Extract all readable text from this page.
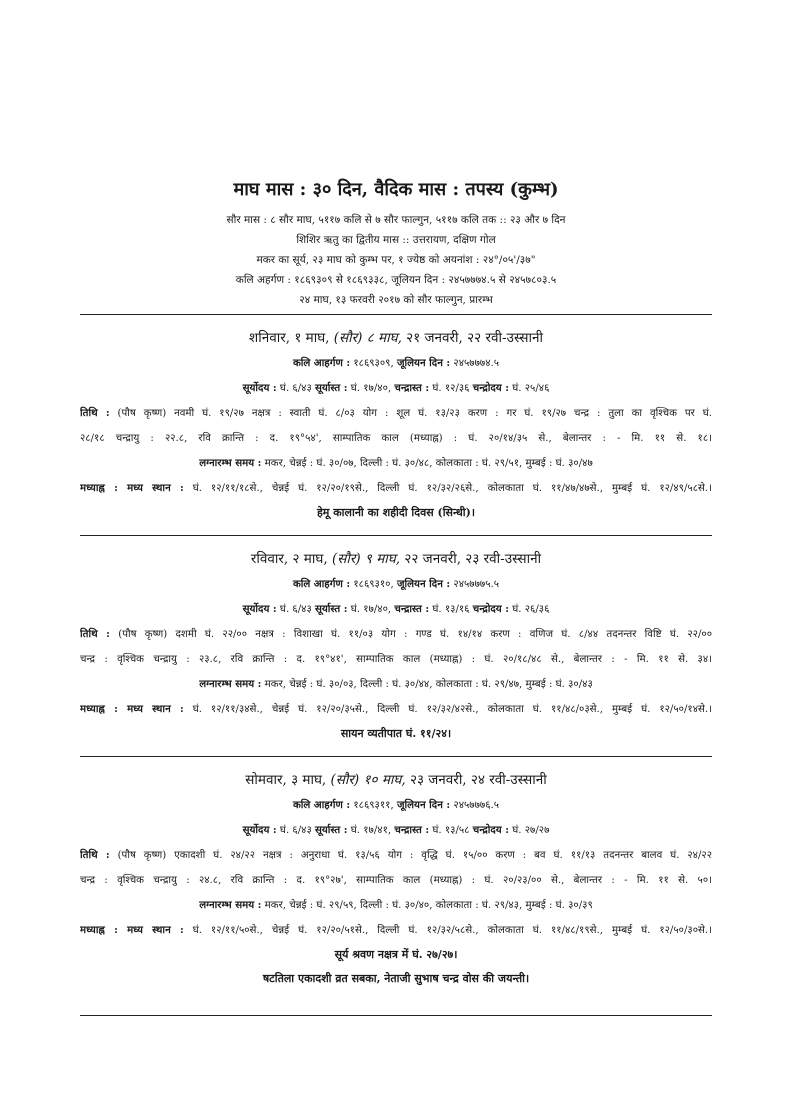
माघ मास : ३० दिन, वैदिक मास : तपस्य (कुम्भ)
सौर मास : ८ सौर माघ, ५११७ कलि से ७ सौर फाल्गुन, ५११७ कलि तक :: २३ और ७ दिन
शिशिर ऋतु का द्वितीय मास :: उत्तरायण, दक्षिण गोल
मकर का सूर्य, २३ माघ को कुम्भ पर, १ ज्येष्ठ को अयनांश : २४°/०५'/३७"
कलि अहर्गण : १८६९३०९ से १८६९३३८, जूलियन दिन : २४५७७७४.५ से २४५७८०३.५
२४ माघ, १३ फरवरी २०१७ को सौर फाल्गुन, प्रारम्भ
शनिवार, १ माघ, (सौर) ८ माघ, २१ जनवरी, २२ रवी-उस्सानी
कलि आहर्गण : १८६९३०९, जूलियन दिन : २४५७७७४.५
सूर्योदय : घं. ६/४३ सूर्यास्त : घं. १७/४०, चन्द्रास्त : घं. १२/३६ चन्द्रोदय : घं. २५/४६
तिथि : (पौष कृष्ण) नवमी घं. १९/२७ नक्षत्र : स्वाती घं. ८/०३ योग : शूल घं. १३/२३ करण : गर घं. १९/२७ चन्द्र : तुला का वृश्चिक पर घं.
२८/१८ चन्द्रायु : २२.८, रवि क्रान्ति : द. १९°५४', साम्पातिक काल (मध्याह्न) : घं. २०/१४/३५ से., बेलान्तर : - मि. ११ से. १८।
लग्नारम्भ समय : मकर, चेन्नई : घं. ३०/०७, दिल्ली : घं. ३०/४८, कोलकाता : घं. २९/५१, मुम्बई : घं. ३०/४७
मध्याह्न : मध्य स्थान : घं. १२/११/१८से., चेन्नई घं. १२/२०/१९से., दिल्ली घं. १२/३२/२६से., कोलकाता घं. ११/४७/४७से., मुम्बई घं. १२/४९/५८से.।
हेमू कालानी का शहीदी दिवस (सिन्धी)।
रविवार, २ माघ, (सौर) ९ माघ, २२ जनवरी, २३ रवी-उस्सानी
कलि आहर्गण : १८६९३१०, जूलियन दिन : २४५७७७५.५
सूर्योदय : घं. ६/४३ सूर्यास्त : घं. १७/४०, चन्द्रास्त : घं. १३/१६ चन्द्रोदय : घं. २६/३६
तिथि : (पौष कृष्ण) दशमी घं. २२/०० नक्षत्र : विशाखा घं. ११/०३ योग : गण्ड घं. १४/१४ करण : वणिज घं. ८/४४ तदनन्तर विष्टि घं. २२/००
चन्द्र : वृश्चिक चन्द्रायु : २३.८, रवि क्रान्ति : द. १९°४१', साम्पातिक काल (मध्याह्न) : घं. २०/१८/४८ से., बेलान्तर : - मि. ११ से. ३४।
लग्नारम्भ समय : मकर, चेन्नई : घं. ३०/०३, दिल्ली : घं. ३०/४४, कोलकाता : घं. २९/४७, मुम्बई : घं. ३०/४३
मध्याह्न : मध्य स्थान : घं. १२/११/३४से., चेन्नई घं. १२/२०/३५से., दिल्ली घं. १२/३२/४२से., कोलकाता घं. ११/४८/०३से., मुम्बई घं. १२/५०/१४से.।
सायन व्यतीपात घं. ११/२४।
सोमवार, ३ माघ, (सौर) १० माघ, २३ जनवरी, २४ रवी-उस्सानी
कलि आहर्गण : १८६९३११, जूलियन दिन : २४५७७७६.५
सूर्योदय : घं. ६/४३ सूर्यास्त : घं. १७/४१, चन्द्रास्त : घं. १३/५८ चन्द्रोदय : घं. २७/२७
तिथि : (पौष कृष्ण) एकादशी घं. २४/२२ नक्षत्र : अनुराधा घं. १३/५६ योग : वृद्धि घं. १५/०० करण : बव घं. ११/१३ तदनन्तर बालव घं. २४/२२
चन्द्र : वृश्चिक चन्द्रायु : २४.८, रवि क्रान्ति : द. १९°२७', साम्पातिक काल (मध्याह्न) : घं. २०/२३/०० से., बेलान्तर : - मि. ११ से. ५०।
लग्नारम्भ समय : मकर, चेन्नई : घं. २९/५९, दिल्ली : घं. ३०/४०, कोलकाता : घं. २९/४३, मुम्बई : घं. ३०/३९
मध्याह्न : मध्य स्थान : घं. १२/११/५०से., चेन्नई घं. १२/२०/५१से., दिल्ली घं. १२/३२/५८से., कोलकाता घं. ११/४८/१९से., मुम्बई घं. १२/५०/३०से.।
सूर्य श्रवण नक्षत्र में घं. २७/२७।
षटतिला एकादशी व्रत सबका, नेताजी सुभाष चन्द्र वोस की जयन्ती।
